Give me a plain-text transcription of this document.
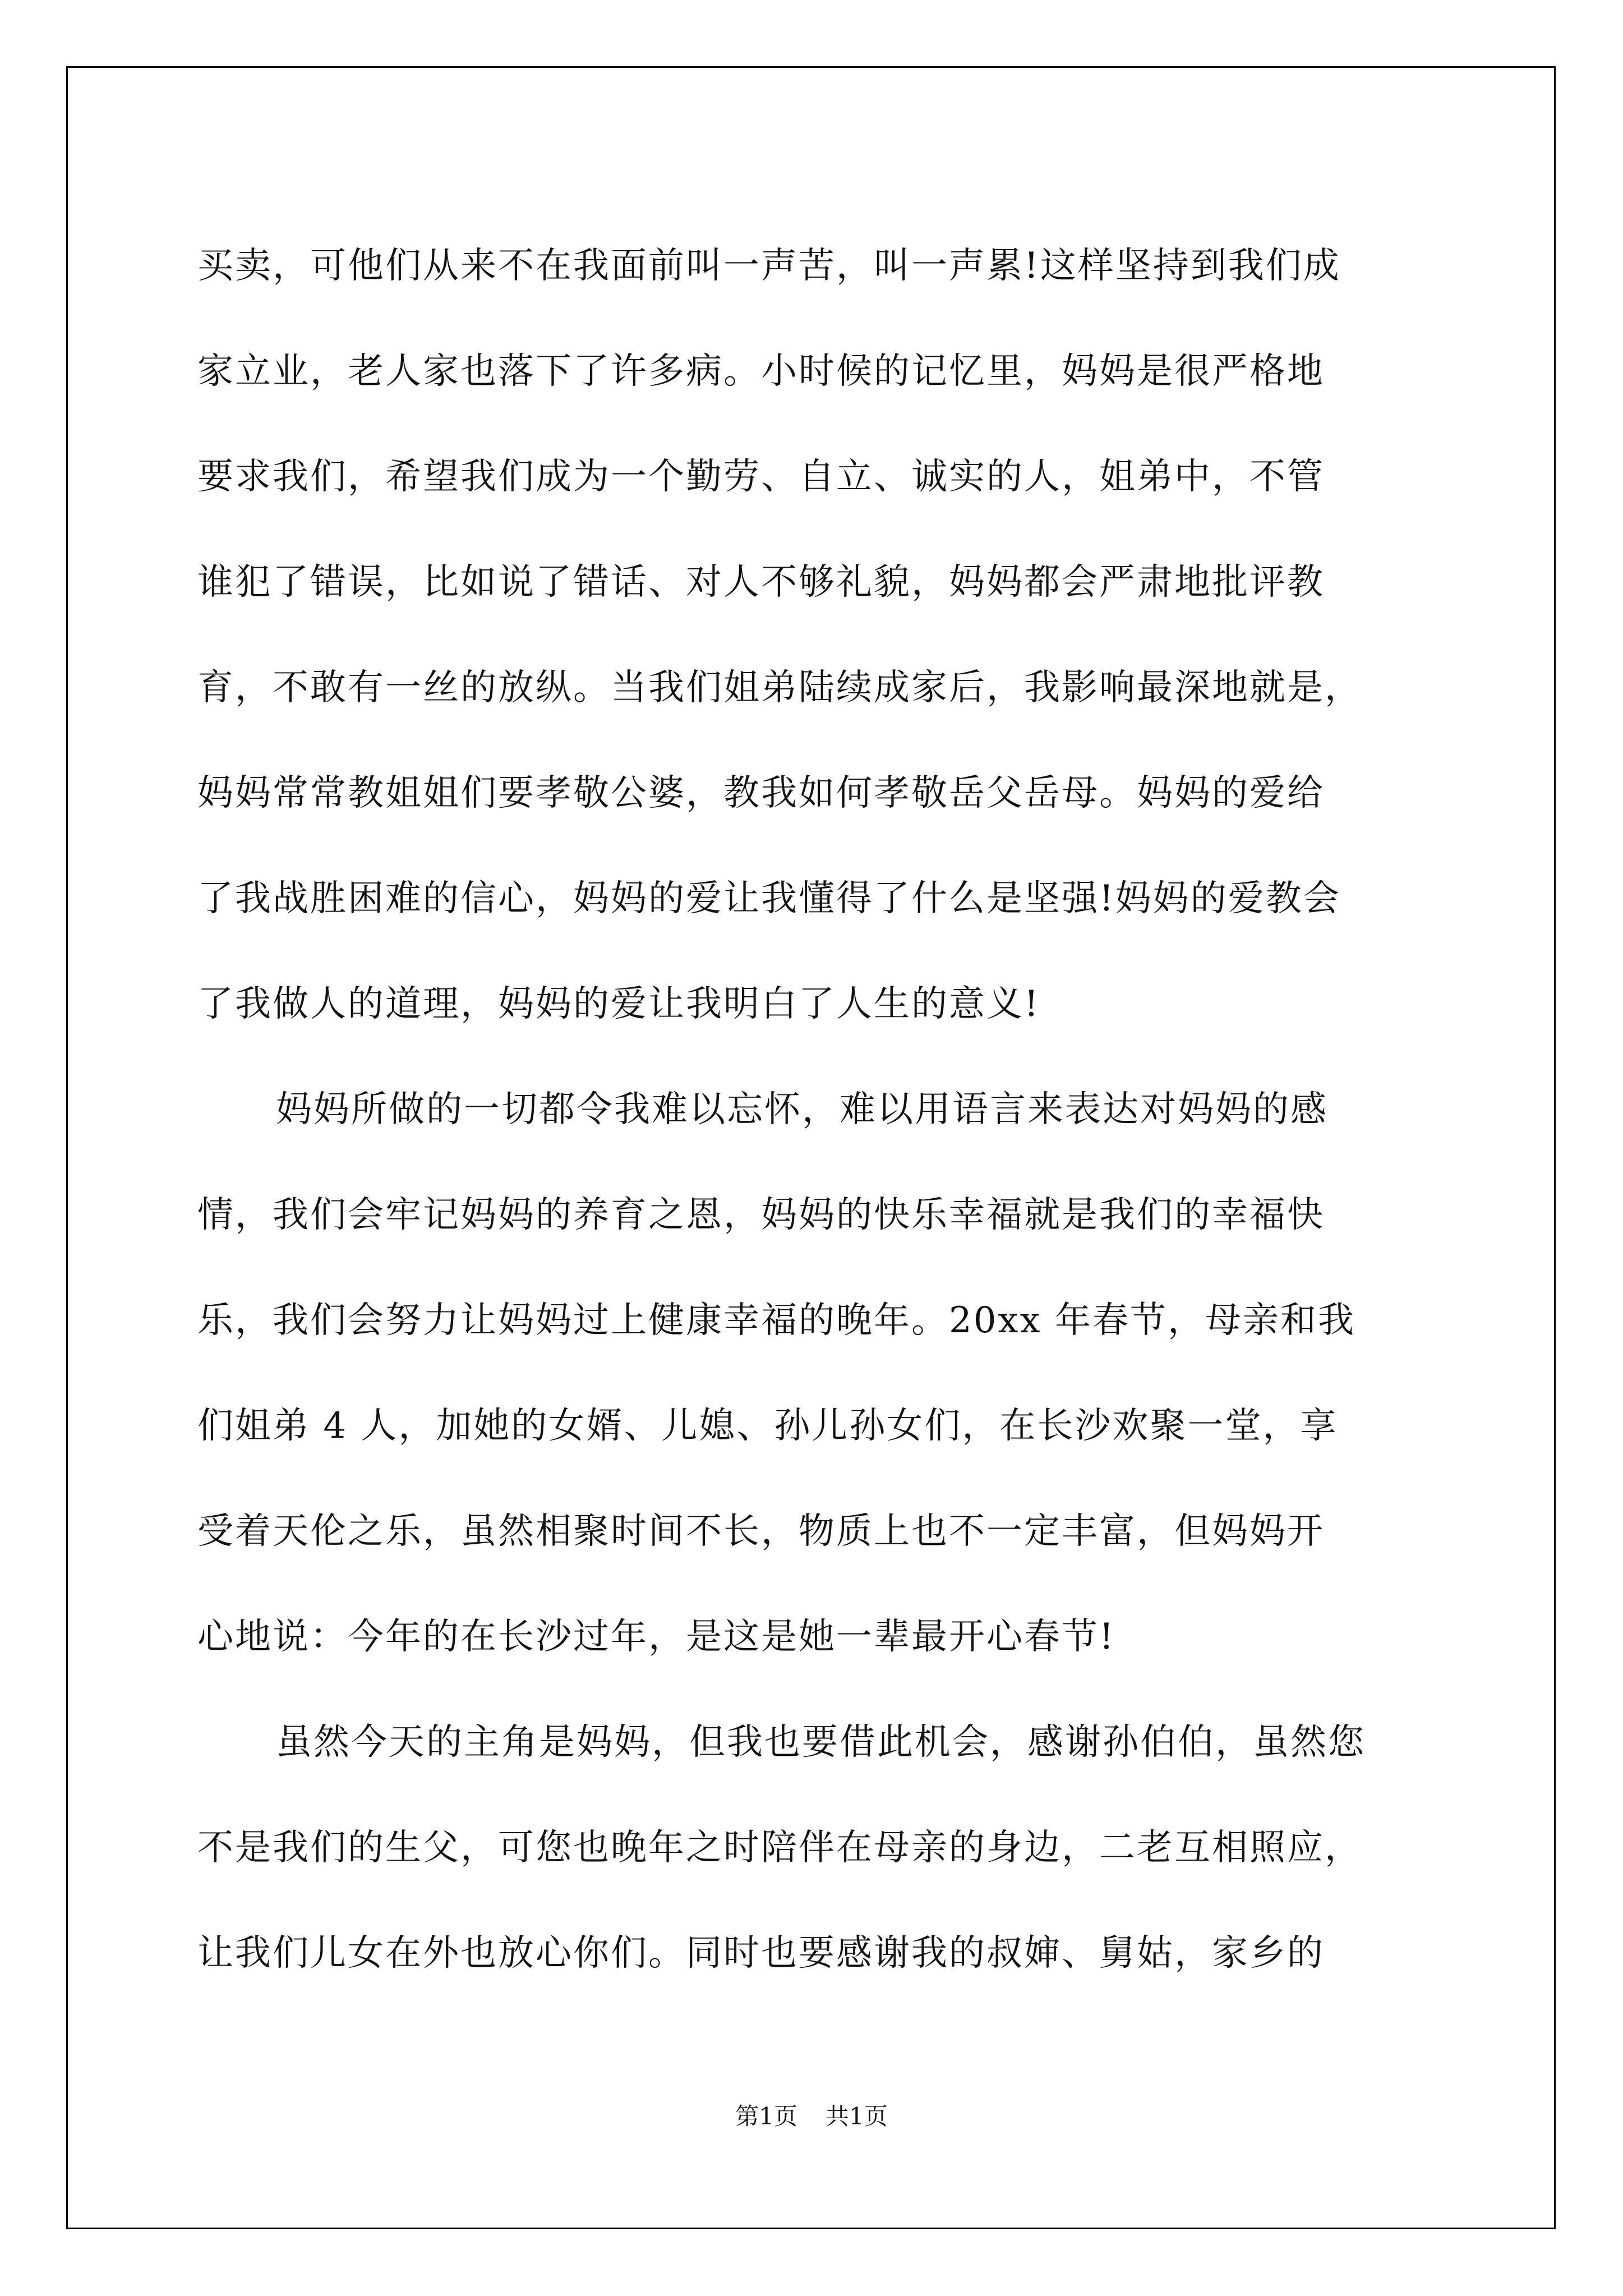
买卖，可他们从来不在我面前叫一声苦，叫一声累!这样坚持到我们成
家立业，老人家也落下了许多病。小时候的记忆里，妈妈是很严格地
要求我们，希望我们成为一个勤劳、自立、诚实的人，姐弟中，不管
谁犯了错误，比如说了错话、对人不够礼貌，妈妈都会严肃地批评教
育，不敢有一丝的放纵。当我们姐弟陆续成家后，我影响最深地就是，
妈妈常常教姐姐们要孝敬公婆，教我如何孝敬岳父岳母。妈妈的爱给
了我战胜困难的信心，妈妈的爱让我懂得了什么是坚强!妈妈的爱教会
了我做人的道理，妈妈的爱让我明白了人生的意义!
妈妈所做的一切都令我难以忘怀，难以用语言来表达对妈妈的感
情，我们会牢记妈妈的养育之恩，妈妈的快乐幸福就是我们的幸福快
乐，我们会努力让妈妈过上健康幸福的晚年。20xx 年春节，母亲和我
们姐弟 4 人，加她的女婿、儿媳、孙儿孙女们，在长沙欢聚一堂，享
受着天伦之乐，虽然相聚时间不长，物质上也不一定丰富，但妈妈开
心地说：今年的在长沙过年，是这是她一辈最开心春节!
虽然今天的主角是妈妈，但我也要借此机会，感谢孙伯伯，虽然您
不是我们的生父，可您也晚年之时陪伴在母亲的身边，二老互相照应，
让我们儿女在外也放心你们。同时也要感谢我的叔婶、舅姑，家乡的
第1页 共1页
